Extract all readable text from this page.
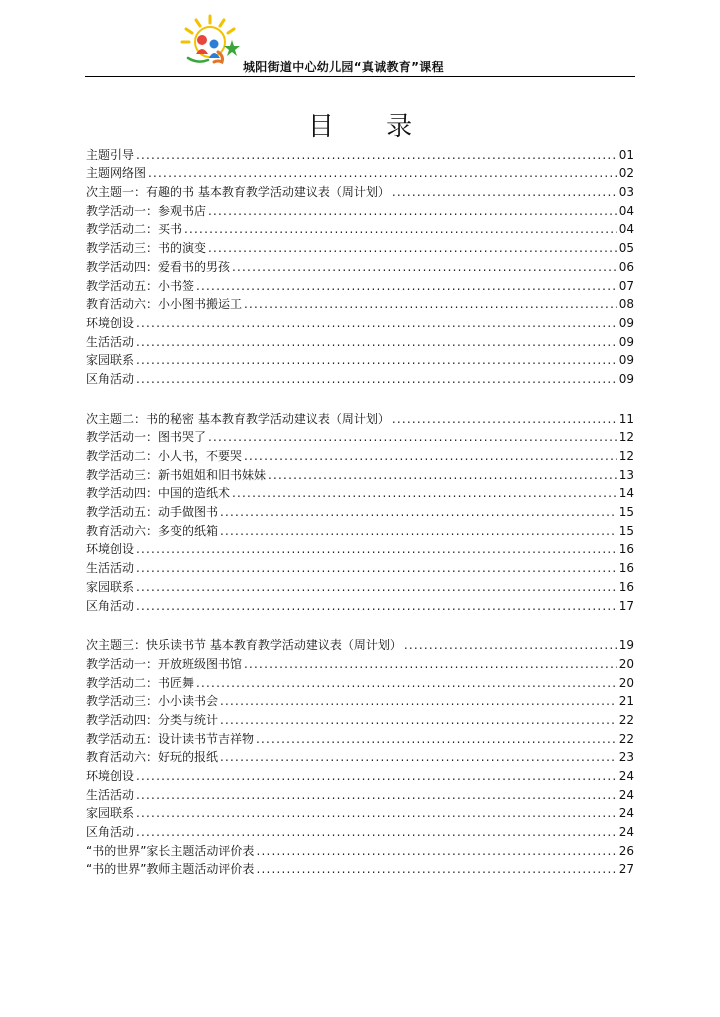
城阳街道中心幼儿园“真诚教育”课程
目 录
主题引导 .....	01
主题网络图 .....	02
次主题一：有趣的书 基本教育教学活动建议表（周计划） .....	03
教学活动一：参观书店 .....	04
教学活动二：买书 .....	04
教学活动三：书的演变 .....	05
教学活动四：爱看书的男孩 .....	06
教学活动五：小书签 .....	07
教育活动六：小小图书搬运工 .....	08
环境创设 .....	09
生活活动 .....	09
家园联系 .....	09
区角活动 .....	09
次主题二：书的秘密 基本教育教学活动建议表（周计划） .....	11
教学活动一：图书哭了 .....	12
教学活动二：小人书，不要哭 .....	12
教学活动三：新书姐姐和旧书妹妹 .....	13
教学活动四：中国的造纸术 .....	14
教学活动五：动手做图书 .....	15
教育活动六：多变的纸箱 .....	15
环境创设 .....	16
生活活动 .....	16
家园联系 .....	16
区角活动 .....	17
次主题三：快乐读书节 基本教育教学活动建议表（周计划） .....	19
教学活动一：开放班级图书馆 .....	20
教学活动二：书匠舞 .....	20
教学活动三：小小读书会 .....	21
教学活动四：分类与统计 .....	22
教学活动五：设计读书节吉祥物 .....	22
教育活动六：好玩的报纸 .....	23
环境创设 .....	24
生活活动 .....	24
家园联系 .....	24
区角活动 .....	24
“书的世界”家长主题活动评价表 .....	26
“书的世界”教师主题活动评价表 .....	27
